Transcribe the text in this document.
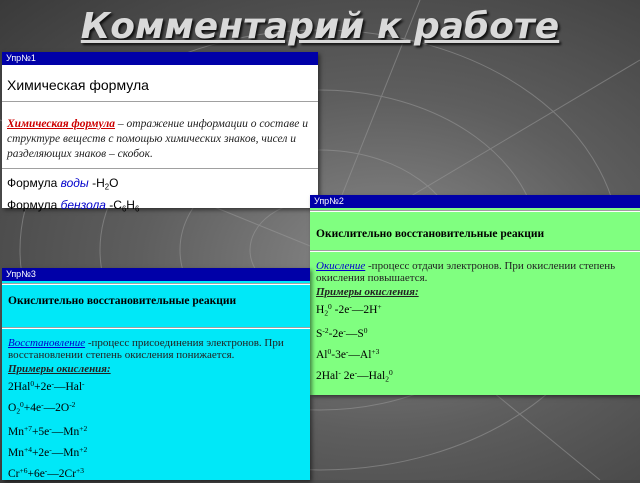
Комментарий к работе
Упр№1
Химическая формула
Химическая формула – отражение информации о составе и структуре веществ с помощью химических знаков, чисел и разделяющих знаков – скобок.
Формула воды $-H_2O$
Формула бензола $-C_6H_6$
Упр№2
Окислительно восстановительные реакции
Окисление -процесс отдачи электронов. При окислении степень окисления повышается.
Примеры окисления:
$H_2^0$ -2e-—2H+
$S^{-2}-2e^-—S^0$
$Al^0-3e^-—Al^{+3}$
2Hal- 2e-—Hal$_2^0$
Упр№3
Окислительно восстановительные реакции
Восстановление -процесс присоединения электронов. При восстановлении степень окисления понижается.
Примеры окисления:
2Hal$^0$+2e-—Hal-
$O_2^0+4e^-—2O^{-2}$
$Mn^{+7}+5e^-—Mn^{+2}$
$Mn^{+4}+2e^-—Mn^{+2}$
$Cr^{+6}+6e^-—2Cr^{+3}$
